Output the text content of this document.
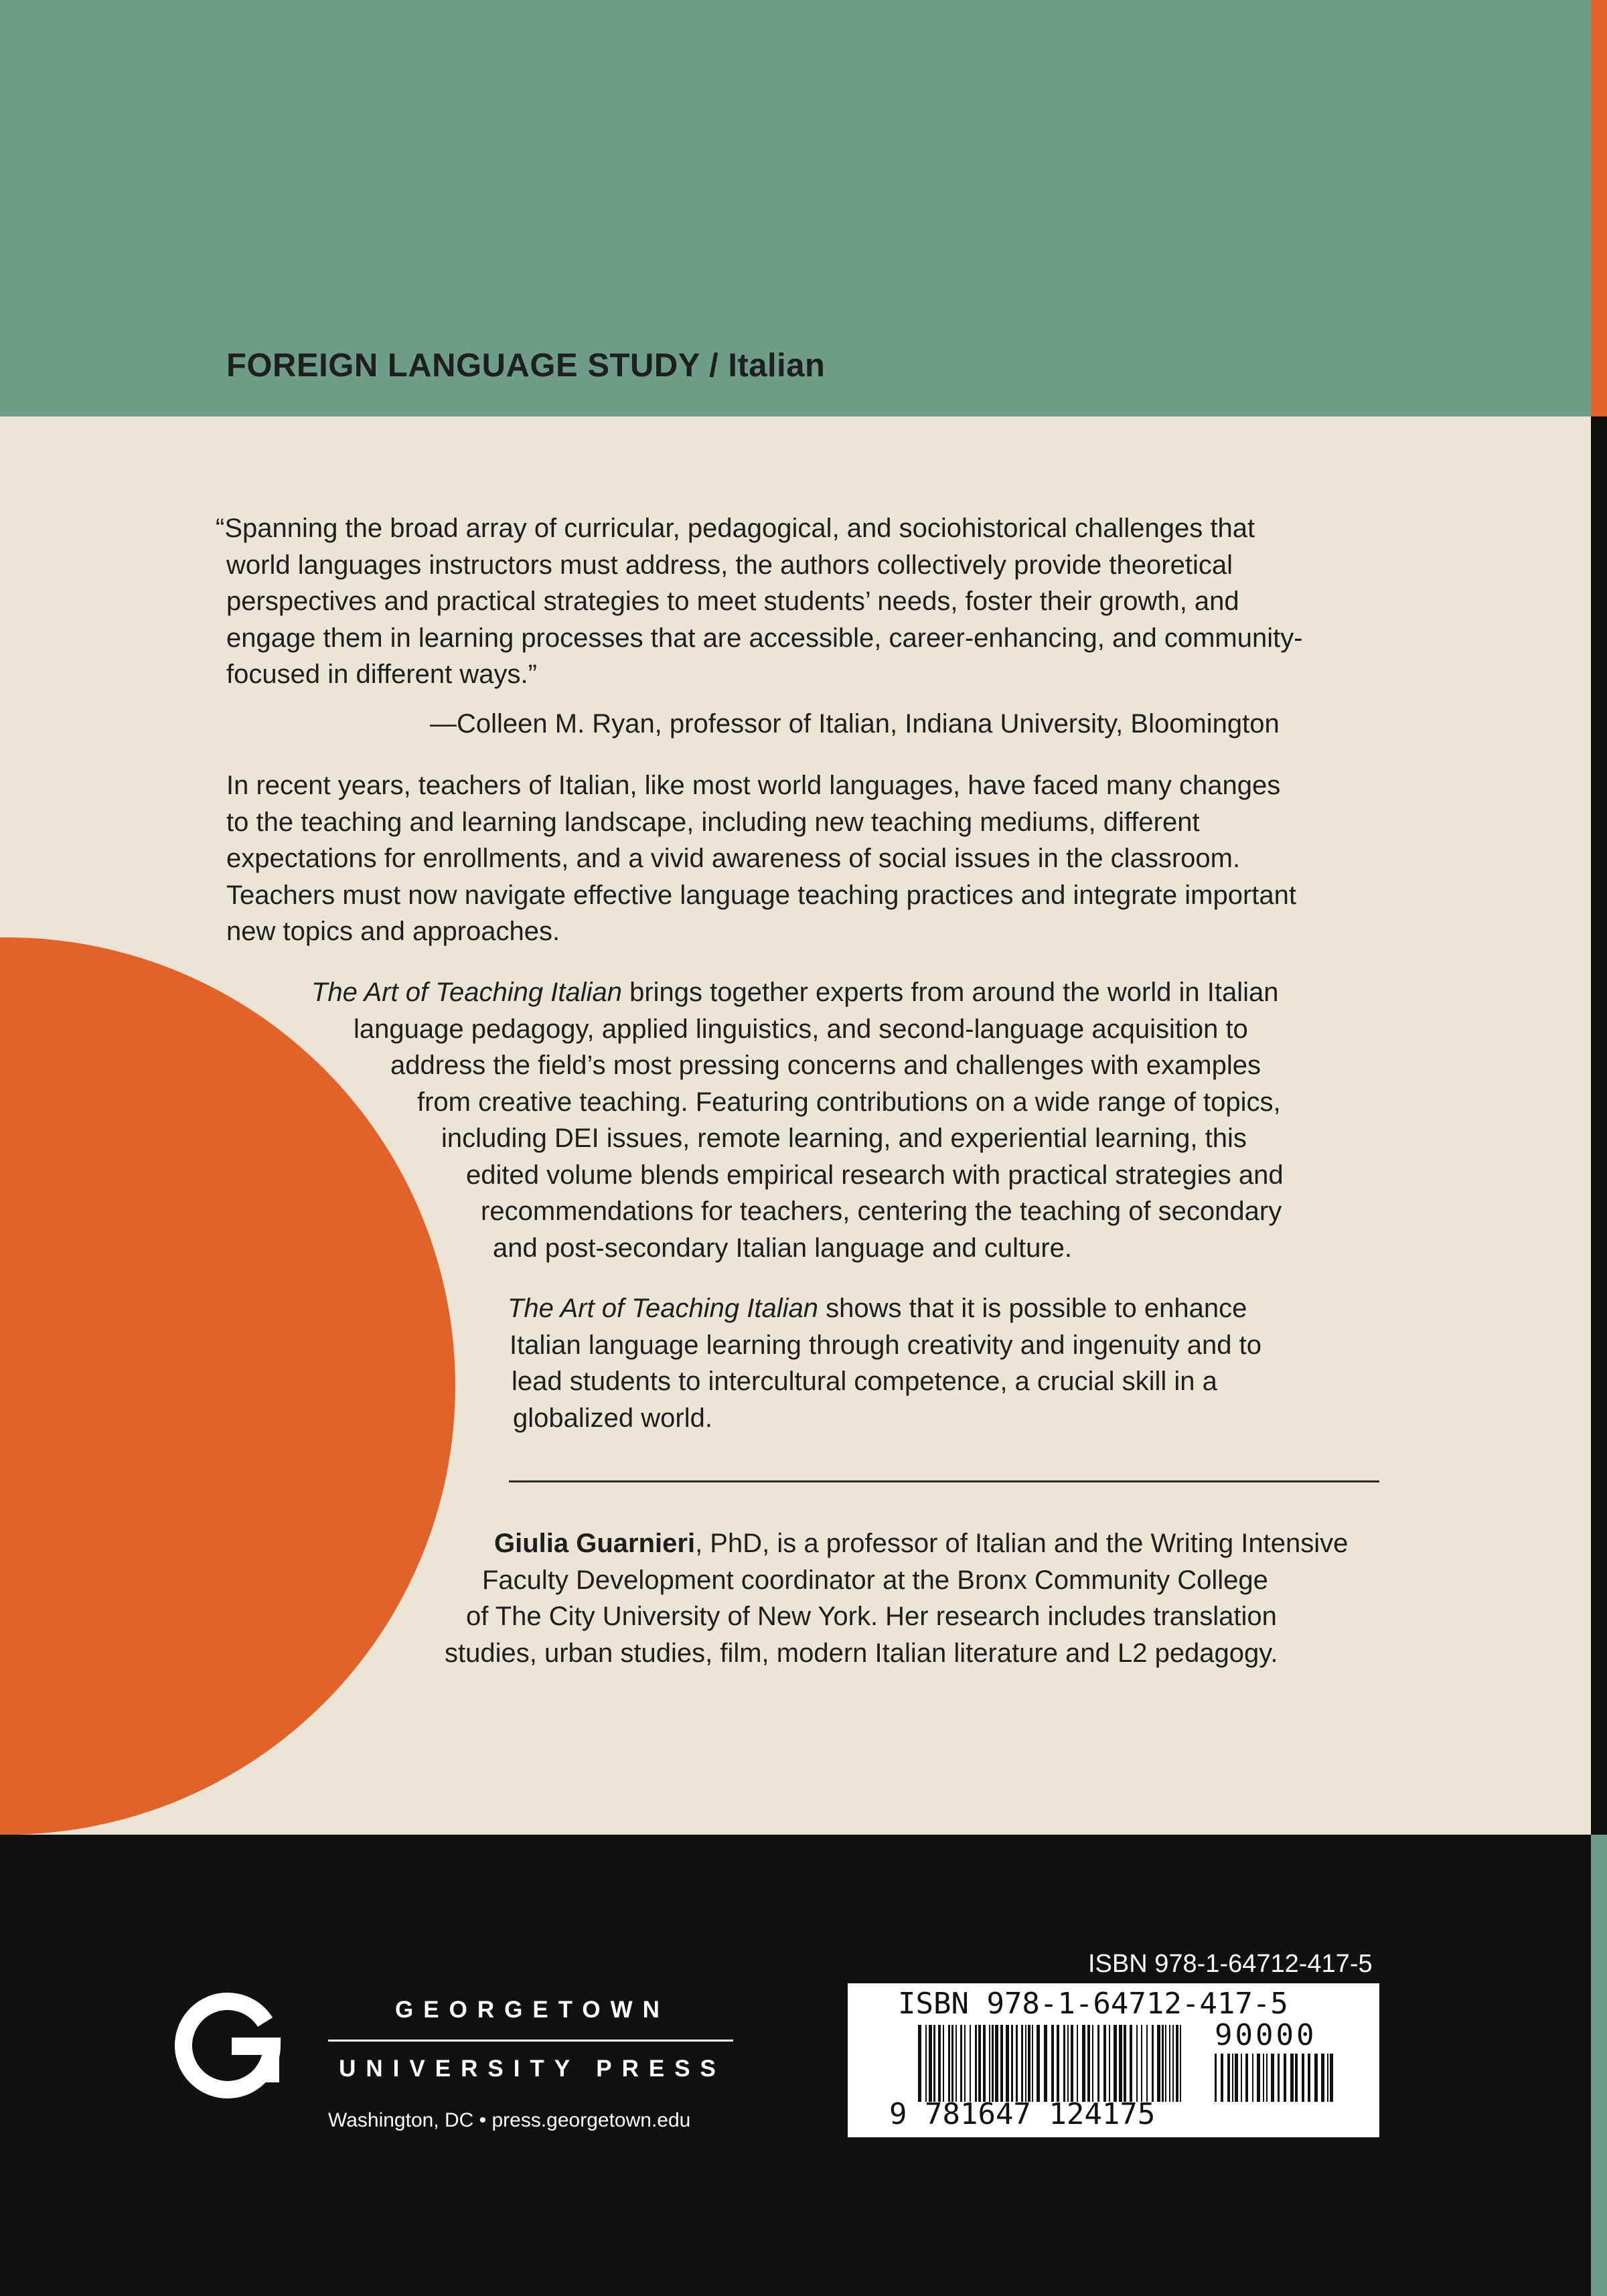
FOREIGN LANGUAGE STUDY / Italian
“Spanning the broad array of curricular, pedagogical, and sociohistorical challenges that
world languages instructors must address, the authors collectively provide theoretical
perspectives and practical strategies to meet students’ needs, foster their growth, and
engage them in learning processes that are accessible, career-enhancing, and community-
focused in different ways.”
—Colleen M. Ryan, professor of Italian, Indiana University, Bloomington
In recent years, teachers of Italian, like most world languages, have faced many changes
to the teaching and learning landscape, including new teaching mediums, different
expectations for enrollments, and a vivid awareness of social issues in the classroom.
Teachers must now navigate effective language teaching practices and integrate important
new topics and approaches.
The Art of Teaching Italian brings together experts from around the world in Italian
language pedagogy, applied linguistics, and second-language acquisition to
address the field’s most pressing concerns and challenges with examples
from creative teaching. Featuring contributions on a wide range of topics,
including DEI issues, remote learning, and experiential learning, this
edited volume blends empirical research with practical strategies and
recommendations for teachers, centering the teaching of secondary
and post-secondary Italian language and culture.
The Art of Teaching Italian shows that it is possible to enhance
Italian language learning through creativity and ingenuity and to
lead students to intercultural competence, a crucial skill in a
globalized world.
Giulia Guarnieri, PhD, is a professor of Italian and the Writing Intensive
Faculty Development coordinator at the Bronx Community College
of The City University of New York. Her research includes translation
studies, urban studies, film, modern Italian literature and L2 pedagogy.
GEORGETOWN
UNIVERSITY PRESS
Washington, DC • press.georgetown.edu
ISBN 978-1-64712-417-5
ISBN 978-1-64712-417-5
90000
9 781647 124175
